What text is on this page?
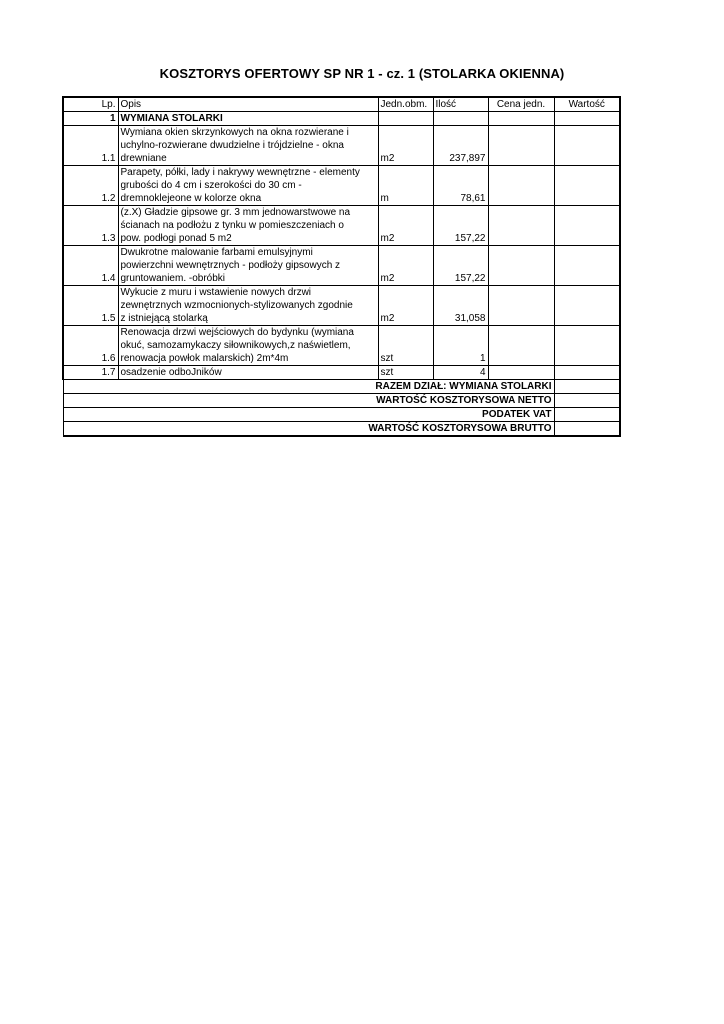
KOSZTORYS OFERTOWY SP NR 1 - cz. 1 (STOLARKA OKIENNA)
Lp.	Opis	Jedn.obm.	Ilość	Cena jedn.	Wartość
1	WYMIANA STOLARKI				
1.1	Wymiana okien skrzynkowych na okna rozwierane i
uchylno-rozwierane dwudzielne i trójdzielne - okna
drewniane	m2	237,897		
1.2	Parapety, półki, lady i nakrywy wewnętrzne - elementy
grubości do 4 cm i szerokości do 30 cm -
dremnoklejeone w kolorze okna	m	78,61		
1.3	(z.X) Gładzie gipsowe gr. 3 mm jednowarstwowe na
ścianach na podłożu z tynku w pomieszczeniach o
pow. podłogi ponad 5 m2	m2	157,22		
1.4	Dwukrotne malowanie farbami emulsyjnymi
powierzchni wewnętrznych - podłoży gipsowych z
gruntowaniem. -obróbki	m2	157,22		
1.5	Wykucie z muru i wstawienie nowych drzwi
zewnętrznych wzmocnionych-stylizowanych zgodnie
z istniejącą stolarką	m2	31,058		
1.6	Renowacja drzwi wejściowych do bydynku (wymiana
okuć, samozamykaczy siłownikowych,z naświetlem,
renowacja powłok malarskich) 2m*4m	szt	1		
1.7	osadzenie odboJników	szt	4		
RAZEM DZIAŁ: WYMIANA STOLARKI					
WARTOŚĆ KOSZTORYSOWA NETTO					
PODATEK VAT					
WARTOŚĆ KOSZTORYSOWA BRUTTO					
